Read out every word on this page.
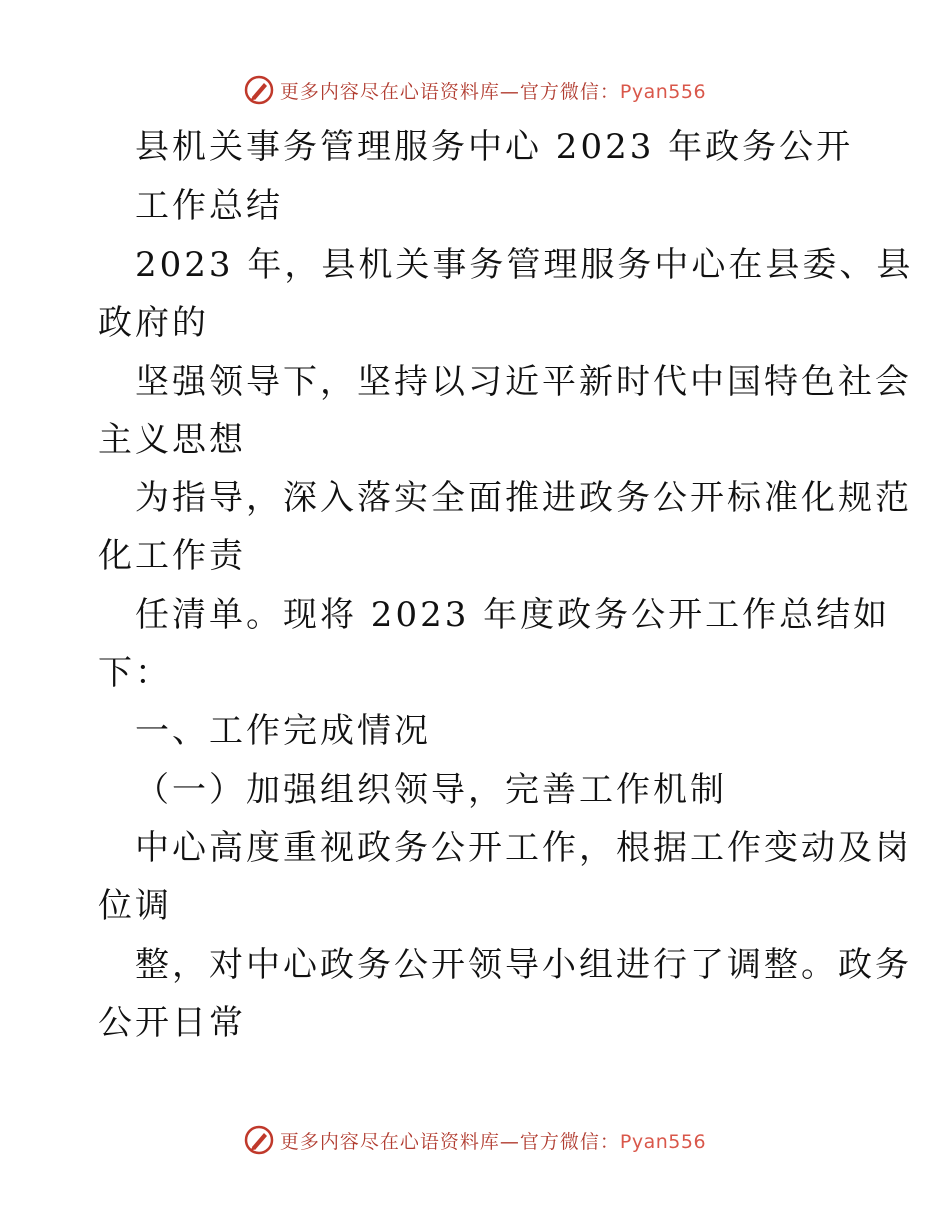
更多内容尽在心语资料库—官方微信：Pyan556
县机关事务管理服务中心 2023 年政务公开
工作总结
2023 年，县机关事务管理服务中心在县委、县
政府的
坚强领导下，坚持以习近平新时代中国特色社会
主义思想
为指导，深入落实全面推进政务公开标准化规范
化工作责
任清单。现将 2023 年度政务公开工作总结如
下：
一、工作完成情况
（一）加强组织领导，完善工作机制
中心高度重视政务公开工作，根据工作变动及岗
位调
整，对中心政务公开领导小组进行了调整。政务
公开日常
更多内容尽在心语资料库—官方微信：Pyan556
